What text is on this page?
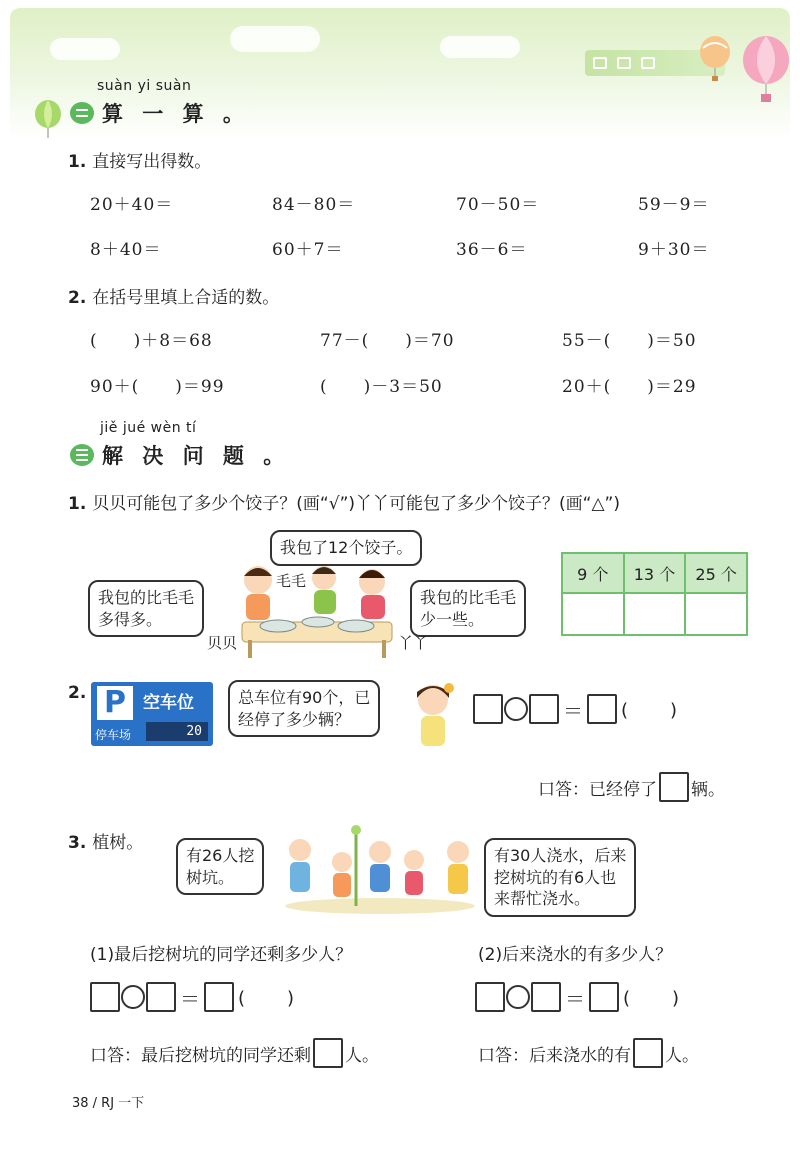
suàn yi suàn
算 一 算 。
1. 直接写出得数。
20＋40＝	84－80＝	70－50＝	59－9＝
8＋40＝	60＋7＝	36－6＝	9＋30＝
2. 在括号里填上合适的数。
(　　)＋8＝68	77－(　　)＝70	55－(　　)＝50
90＋(　　)＝99	(　　)－3＝50	20＋(　　)＝29
jiě jué wèn tí
解 决 问 题 。
1. 贝贝可能包了多少个饺子？(画“√”)丫丫可能包了多少个饺子？(画“△”)
我包了12个饺子。
我包的比毛毛
多得多。
我包的比毛毛
少一些。
毛毛
贝贝	丫丫
9 个	13 个	25 个

2. P	空车位
停车场	20
总车位有90个，已
经停了多少辆？	＝ (　　)
口答：已经停了 辆。
3. 植树。
有26人挖
树坑。
有30人浇水，后来
挖树坑的有6人也
来帮忙浇水。
(1)最后挖树坑的同学还剩多少人？	(2)后来浇水的有多少人？
＝ (　　)	＝ (　　)
口答：最后挖树坑的同学还剩 人。	口答：后来浇水的有 人。
38 / RJ 一下
